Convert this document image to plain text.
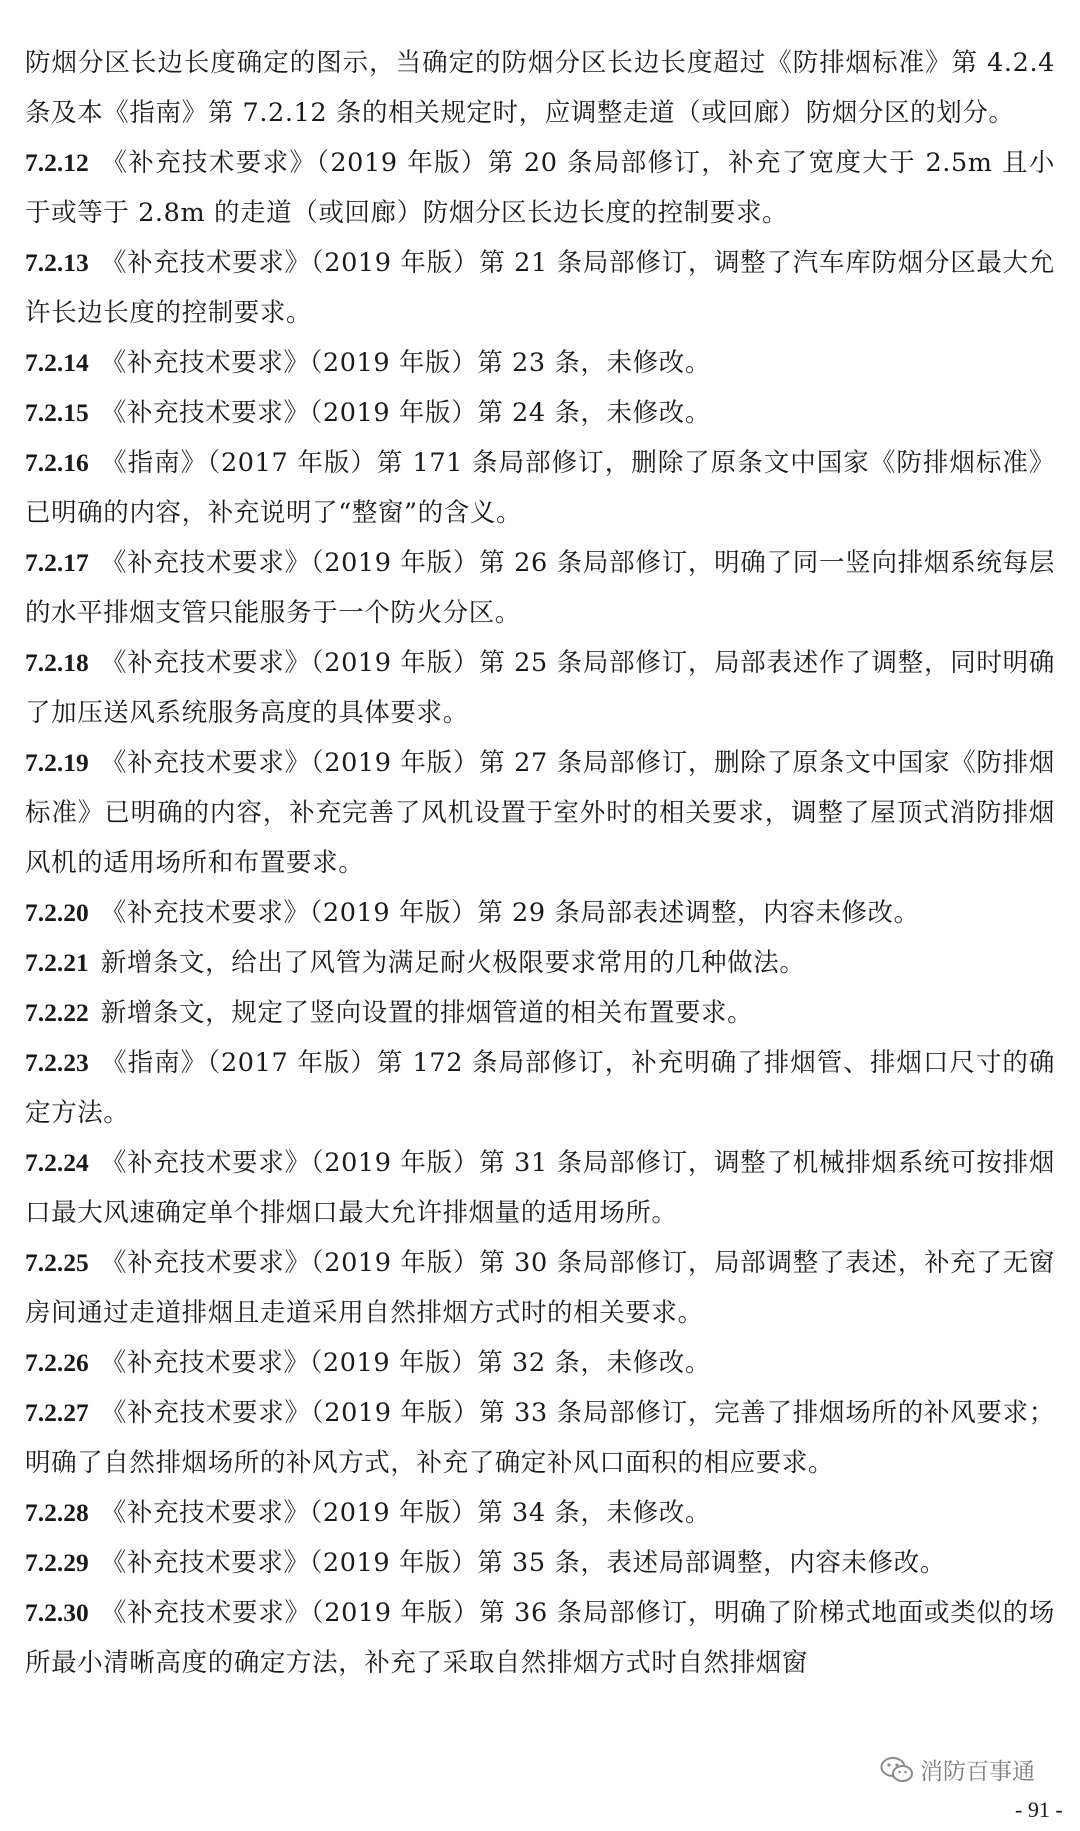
防烟分区长边长度确定的图示，当确定的防烟分区长边长度超过《防排烟标准》第 4.2.4 条及本《指南》第 7.2.12 条的相关规定时，应调整走道（或回廊）防烟分区的划分。

7.2.12 《补充技术要求》（2019 年版）第 20 条局部修订，补充了宽度大于 2.5m 且小于或等于 2.8m 的走道（或回廊）防烟分区长边长度的控制要求。

7.2.13 《补充技术要求》（2019 年版）第 21 条局部修订，调整了汽车库防烟分区最大允许长边长度的控制要求。

7.2.14 《补充技术要求》（2019 年版）第 23 条，未修改。

7.2.15 《补充技术要求》（2019 年版）第 24 条，未修改。

7.2.16 《指南》（2017 年版）第 171 条局部修订，删除了原条文中国家《防排烟标准》已明确的内容，补充说明了“整窗”的含义。

7.2.17 《补充技术要求》（2019 年版）第 26 条局部修订，明确了同一竖向排烟系统每层的水平排烟支管只能服务于一个防火分区。

7.2.18 《补充技术要求》（2019 年版）第 25 条局部修订，局部表述作了调整，同时明确了加压送风系统服务高度的具体要求。

7.2.19 《补充技术要求》（2019 年版）第 27 条局部修订，删除了原条文中国家《防排烟标准》已明确的内容，补充完善了风机设置于室外时的相关要求，调整了屋顶式消防排烟风机的适用场所和布置要求。

7.2.20 《补充技术要求》（2019 年版）第 29 条局部表述调整，内容未修改。

7.2.21 新增条文，给出了风管为满足耐火极限要求常用的几种做法。

7.2.22 新增条文，规定了竖向设置的排烟管道的相关布置要求。

7.2.23 《指南》（2017 年版）第 172 条局部修订，补充明确了排烟管、排烟口尺寸的确定方法。

7.2.24 《补充技术要求》（2019 年版）第 31 条局部修订，调整了机械排烟系统可按排烟口最大风速确定单个排烟口最大允许排烟量的适用场所。

7.2.25 《补充技术要求》（2019 年版）第 30 条局部修订，局部调整了表述，补充了无窗房间通过走道排烟且走道采用自然排烟方式时的相关要求。

7.2.26 《补充技术要求》（2019 年版）第 32 条，未修改。

7.2.27 《补充技术要求》（2019 年版）第 33 条局部修订，完善了排烟场所的补风要求；明确了自然排烟场所的补风方式，补充了确定补风口面积的相应要求。

7.2.28 《补充技术要求》（2019 年版）第 34 条，未修改。

7.2.29 《补充技术要求》（2019 年版）第 35 条，表述局部调整，内容未修改。

7.2.30 《补充技术要求》（2019 年版）第 36 条局部修订，明确了阶梯式地面或类似的场所最小清晰高度的确定方法，补充了采取自然排烟方式时自然排烟窗

消防百事通
- 91 -
